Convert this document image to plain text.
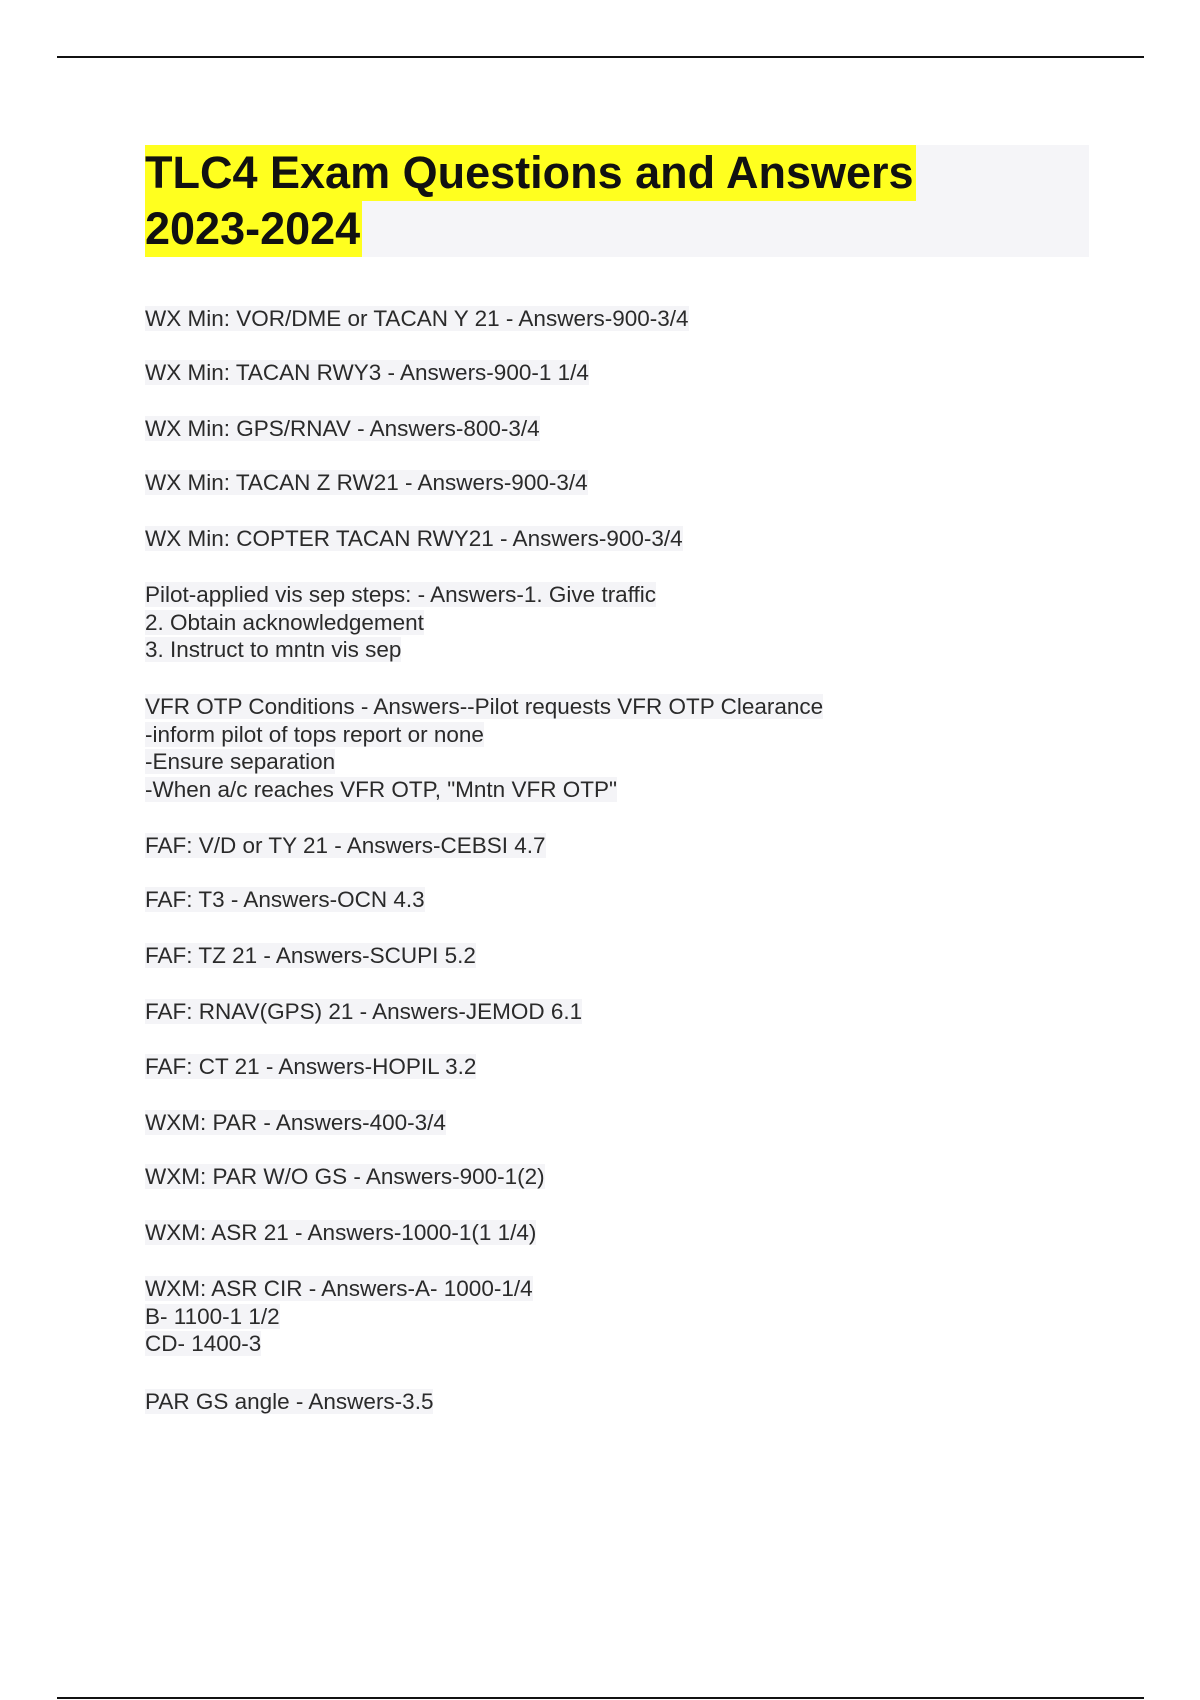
TLC4 Exam Questions and Answers
2023-2024
WX Min: VOR/DME or TACAN Y 21 - Answers-900-3/4
WX Min: TACAN RWY3 - Answers-900-1 1/4
WX Min: GPS/RNAV - Answers-800-3/4
WX Min: TACAN Z RW21 - Answers-900-3/4
WX Min: COPTER TACAN RWY21 - Answers-900-3/4
Pilot-applied vis sep steps: - Answers-1. Give traffic
2. Obtain acknowledgement
3. Instruct to mntn vis sep
VFR OTP Conditions - Answers--Pilot requests VFR OTP Clearance
-inform pilot of tops report or none
-Ensure separation
-When a/c reaches VFR OTP, "Mntn VFR OTP"
FAF: V/D or TY 21 - Answers-CEBSI 4.7
FAF: T3 - Answers-OCN 4.3
FAF: TZ 21 - Answers-SCUPI 5.2
FAF: RNAV(GPS) 21 - Answers-JEMOD 6.1
FAF: CT 21 - Answers-HOPIL 3.2
WXM: PAR - Answers-400-3/4
WXM: PAR W/O GS - Answers-900-1(2)
WXM: ASR 21 - Answers-1000-1(1 1/4)
WXM: ASR CIR - Answers-A- 1000-1/4
B- 1100-1 1/2
CD- 1400-3
PAR GS angle - Answers-3.5
